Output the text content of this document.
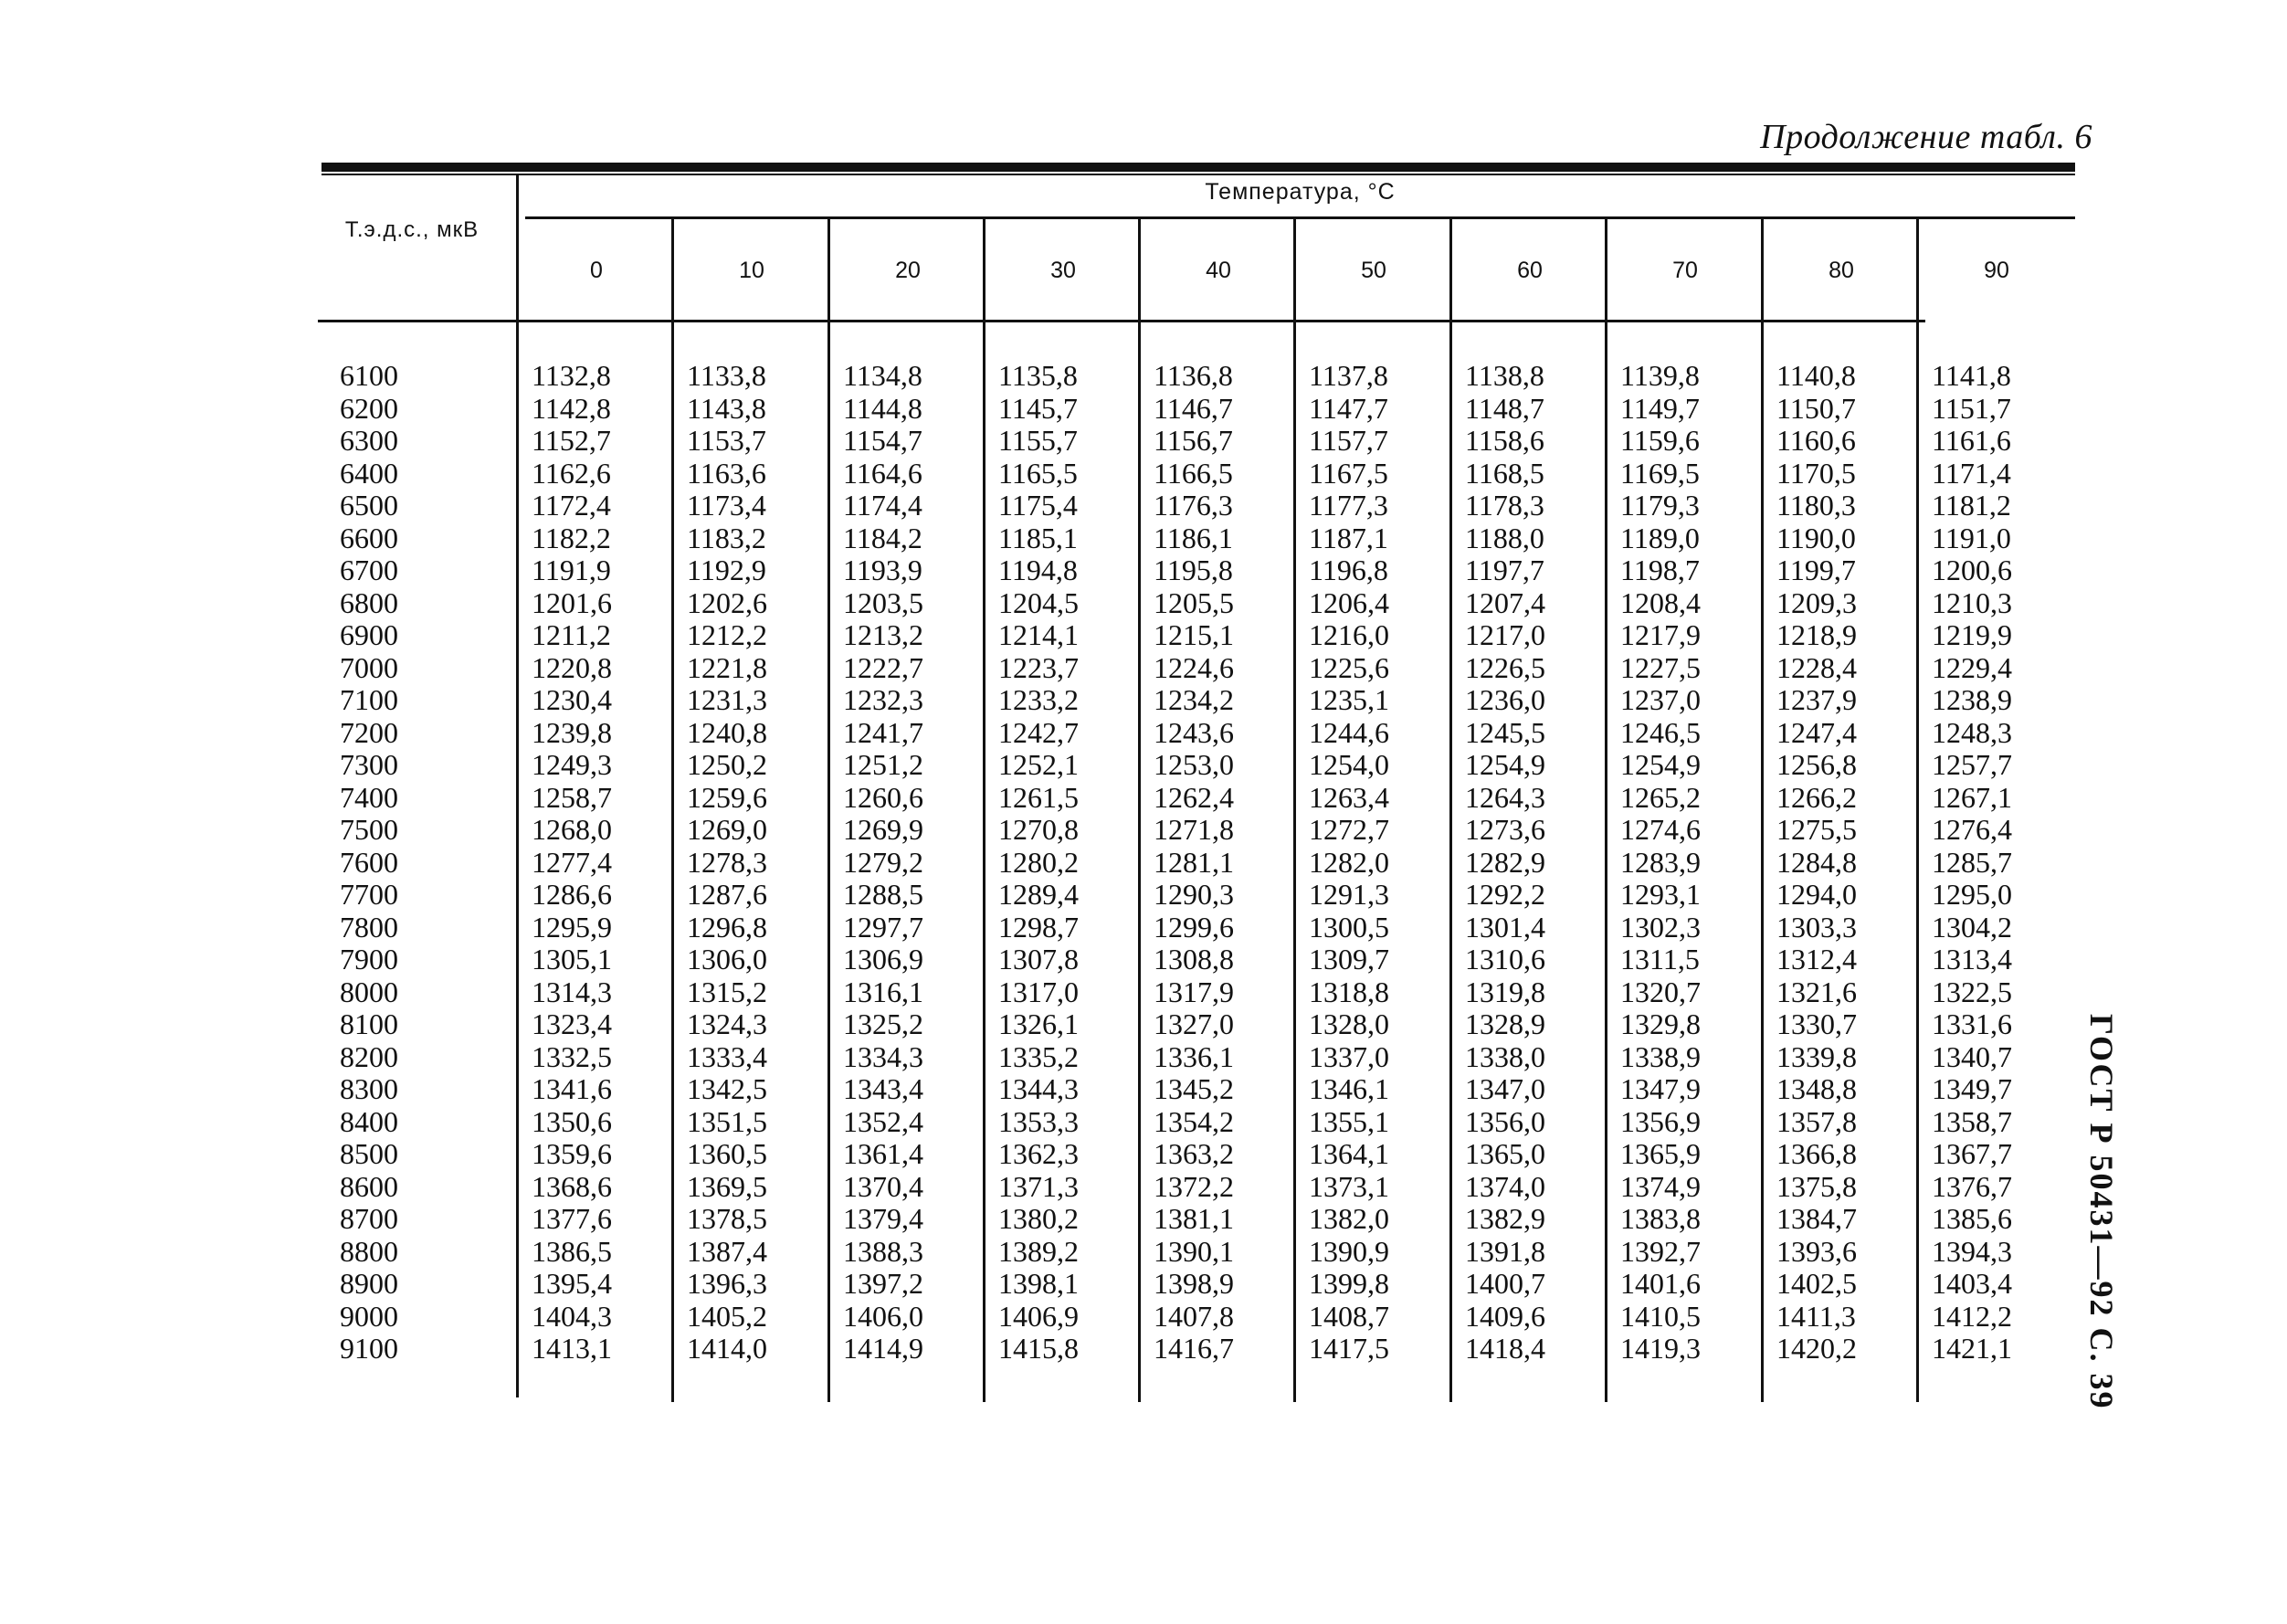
Продолжение табл. 6
Т.э.д.с., мкВ
Температура, °С
0	10	20	30	40	50	60	70	80	90
6100	1132,8	1133,8	1134,8	1135,8	1136,8	1137,8	1138,8	1139,8	1140,8	1141,8
6200	1142,8	1143,8	1144,8	1145,7	1146,7	1147,7	1148,7	1149,7	1150,7	1151,7
6300	1152,7	1153,7	1154,7	1155,7	1156,7	1157,7	1158,6	1159,6	1160,6	1161,6
6400	1162,6	1163,6	1164,6	1165,5	1166,5	1167,5	1168,5	1169,5	1170,5	1171,4
6500	1172,4	1173,4	1174,4	1175,4	1176,3	1177,3	1178,3	1179,3	1180,3	1181,2
6600	1182,2	1183,2	1184,2	1185,1	1186,1	1187,1	1188,0	1189,0	1190,0	1191,0
6700	1191,9	1192,9	1193,9	1194,8	1195,8	1196,8	1197,7	1198,7	1199,7	1200,6
6800	1201,6	1202,6	1203,5	1204,5	1205,5	1206,4	1207,4	1208,4	1209,3	1210,3
6900	1211,2	1212,2	1213,2	1214,1	1215,1	1216,0	1217,0	1217,9	1218,9	1219,9
7000	1220,8	1221,8	1222,7	1223,7	1224,6	1225,6	1226,5	1227,5	1228,4	1229,4
7100	1230,4	1231,3	1232,3	1233,2	1234,2	1235,1	1236,0	1237,0	1237,9	1238,9
7200	1239,8	1240,8	1241,7	1242,7	1243,6	1244,6	1245,5	1246,5	1247,4	1248,3
7300	1249,3	1250,2	1251,2	1252,1	1253,0	1254,0	1254,9	1254,9	1256,8	1257,7
7400	1258,7	1259,6	1260,6	1261,5	1262,4	1263,4	1264,3	1265,2	1266,2	1267,1
7500	1268,0	1269,0	1269,9	1270,8	1271,8	1272,7	1273,6	1274,6	1275,5	1276,4
7600	1277,4	1278,3	1279,2	1280,2	1281,1	1282,0	1282,9	1283,9	1284,8	1285,7
7700	1286,6	1287,6	1288,5	1289,4	1290,3	1291,3	1292,2	1293,1	1294,0	1295,0
7800	1295,9	1296,8	1297,7	1298,7	1299,6	1300,5	1301,4	1302,3	1303,3	1304,2
7900	1305,1	1306,0	1306,9	1307,8	1308,8	1309,7	1310,6	1311,5	1312,4	1313,4
8000	1314,3	1315,2	1316,1	1317,0	1317,9	1318,8	1319,8	1320,7	1321,6	1322,5
8100	1323,4	1324,3	1325,2	1326,1	1327,0	1328,0	1328,9	1329,8	1330,7	1331,6
8200	1332,5	1333,4	1334,3	1335,2	1336,1	1337,0	1338,0	1338,9	1339,8	1340,7
8300	1341,6	1342,5	1343,4	1344,3	1345,2	1346,1	1347,0	1347,9	1348,8	1349,7
8400	1350,6	1351,5	1352,4	1353,3	1354,2	1355,1	1356,0	1356,9	1357,8	1358,7
8500	1359,6	1360,5	1361,4	1362,3	1363,2	1364,1	1365,0	1365,9	1366,8	1367,7
8600	1368,6	1369,5	1370,4	1371,3	1372,2	1373,1	1374,0	1374,9	1375,8	1376,7
8700	1377,6	1378,5	1379,4	1380,2	1381,1	1382,0	1382,9	1383,8	1384,7	1385,6
8800	1386,5	1387,4	1388,3	1389,2	1390,1	1390,9	1391,8	1392,7	1393,6	1394,3
8900	1395,4	1396,3	1397,2	1398,1	1398,9	1399,8	1400,7	1401,6	1402,5	1403,4
9000	1404,3	1405,2	1406,0	1406,9	1407,8	1408,7	1409,6	1410,5	1411,3	1412,2
9100	1413,1	1414,0	1414,9	1415,8	1416,7	1417,5	1418,4	1419,3	1420,2	1421,1	ГОСТ Р 50431—92 С. 39
